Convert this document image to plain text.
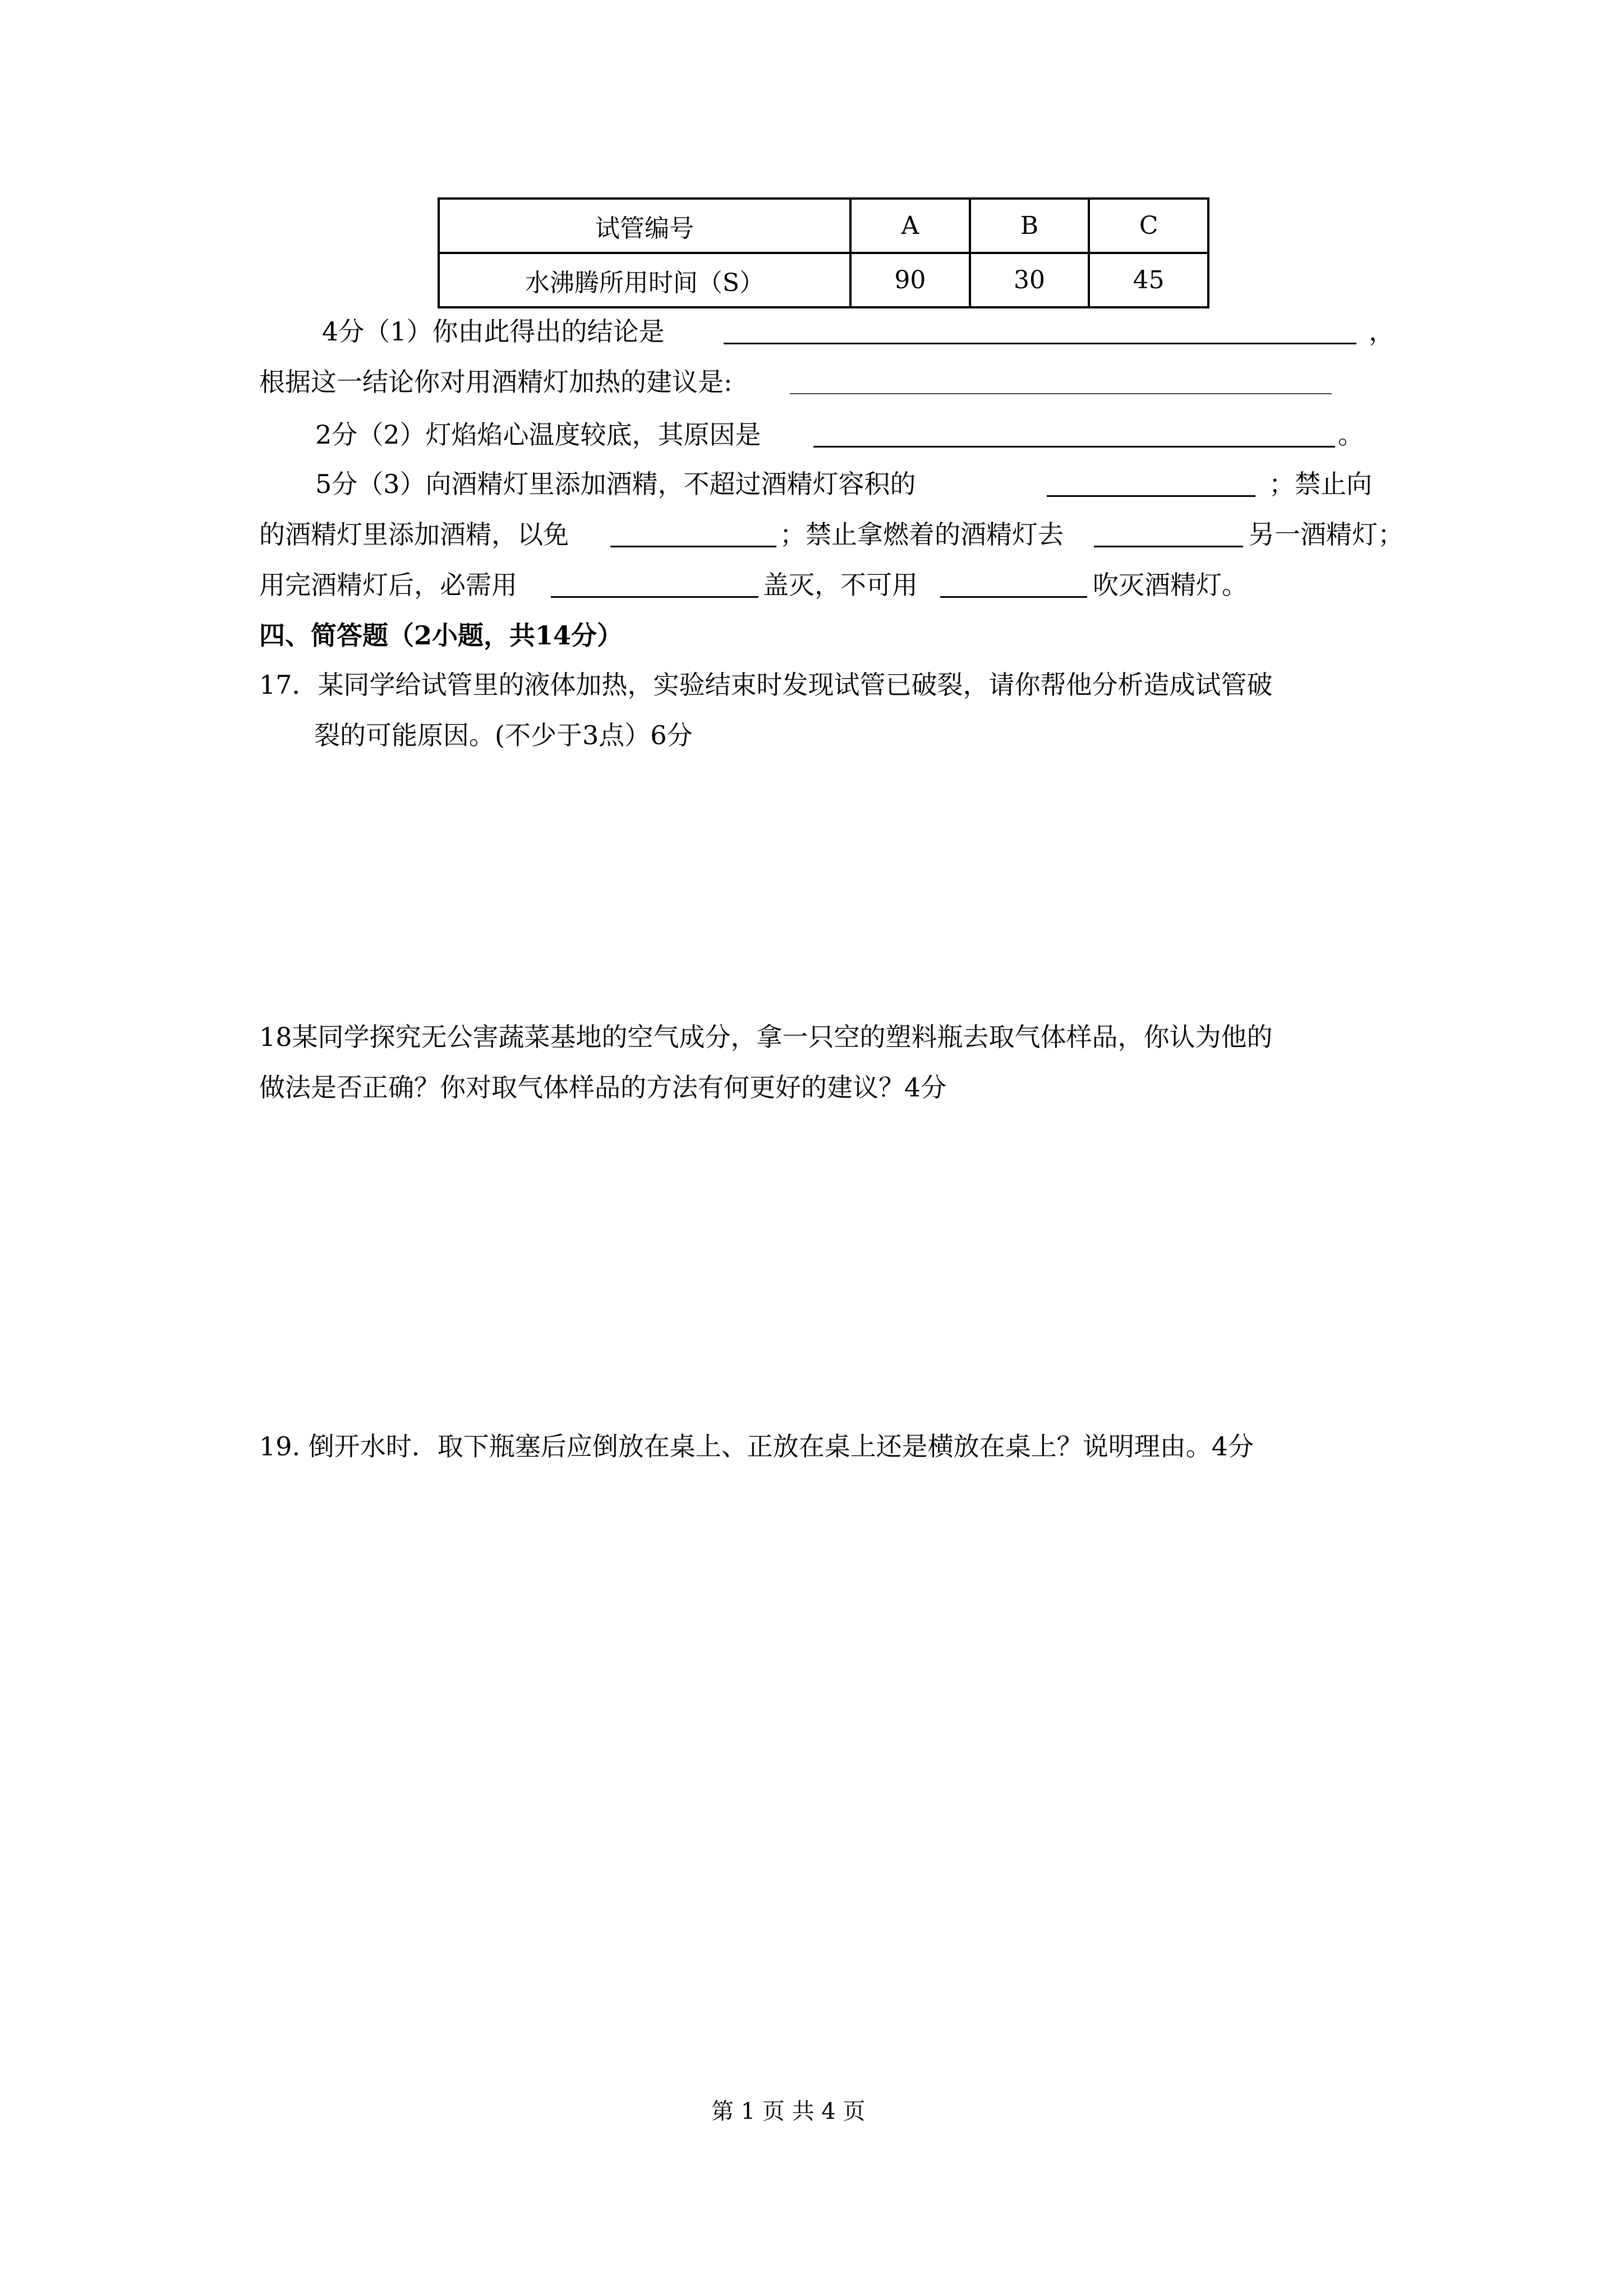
试管编号	A	B	C
水沸腾所用时间（S）	90	30	45
4分（1）你由此得出的结论是	，
根据这一结论你对用酒精灯加热的建议是:
2分（2）灯焰焰心温度较底，其原因是	。
5分（3）向酒精灯里添加酒精，不超过酒精灯容积的	；禁止向
的酒精灯里添加酒精，以免	；禁止拿燃着的酒精灯去	另一酒精灯；
用完酒精灯后，必需用	盖灭，不可用	吹灭酒精灯。
四、简答题（2小题，共14分）
17．某同学给试管里的液体加热，实验结束时发现试管已破裂，请你帮他分析造成试管破
裂的可能原因。(不少于3点）6分
18某同学探究无公害蔬菜基地的空气成分，拿一只空的塑料瓶去取气体样品，你认为他的
做法是否正确？你对取气体样品的方法有何更好的建议？4分
19. 倒开水时．取下瓶塞后应倒放在桌上、正放在桌上还是横放在桌上？说明理由。4分
第 1 页 共 4 页
